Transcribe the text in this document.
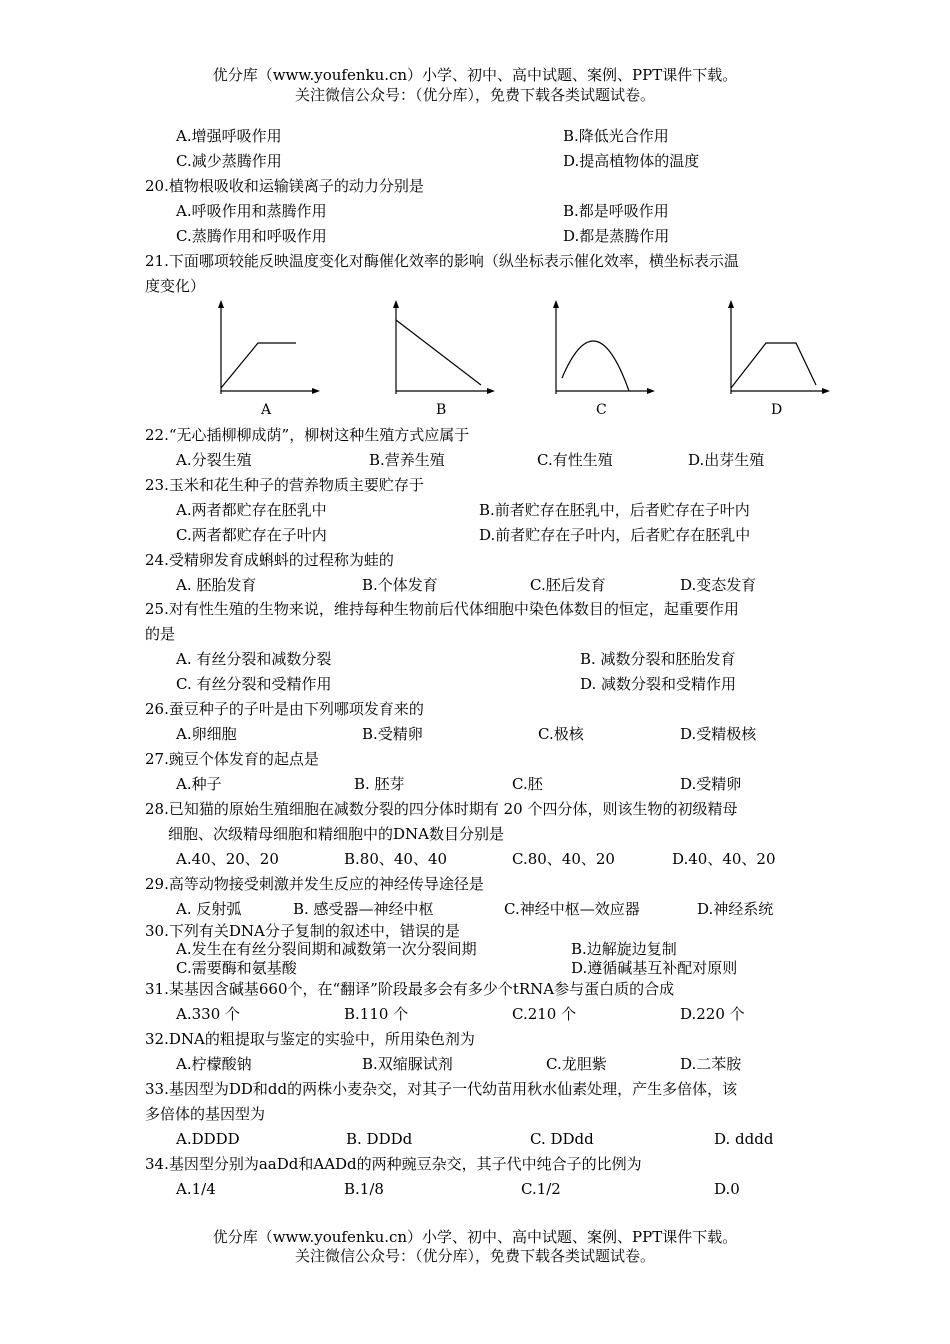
优分库（www.youfenku.cn）小学、初中、高中试题、案例、PPT课件下载。
关注微信公众号：（优分库），免费下载各类试题试卷。
A.增强呼吸作用	B.降低光合作用
C.减少蒸腾作用	D.提高植物体的温度
20.植物根吸收和运输镁离子的动力分别是
A.呼吸作用和蒸腾作用	B.都是呼吸作用
C.蒸腾作用和呼吸作用	D.都是蒸腾作用
21.下面哪项较能反映温度变化对酶催化效率的影响（纵坐标表示催化效率，横坐标表示温
度变化）
A	B	C	D
22.“无心插柳柳成荫”，柳树这种生殖方式应属于
A.分裂生殖	B.营养生殖	C.有性生殖	D.出芽生殖
23.玉米和花生种子的营养物质主要贮存于
A.两者都贮存在胚乳中	B.前者贮存在胚乳中，后者贮存在子叶内
C.两者都贮存在子叶内	D.前者贮存在子叶内，后者贮存在胚乳中
24.受精卵发育成蝌蚪的过程称为蛙的
A. 胚胎发育	B.个体发育	C.胚后发育	D.变态发育
25.对有性生殖的生物来说，维持每种生物前后代体细胞中染色体数目的恒定，起重要作用
的是
A. 有丝分裂和减数分裂	B. 减数分裂和胚胎发育
C. 有丝分裂和受精作用	D. 减数分裂和受精作用
26.蚕豆种子的子叶是由下列哪项发育来的
A.卵细胞	B.受精卵	C.极核	D.受精极核
27.豌豆个体发育的起点是
A.种子	B. 胚芽	C.胚	D.受精卵
28.已知猫的原始生殖细胞在减数分裂的四分体时期有 20 个四分体，则该生物的初级精母
细胞、次级精母细胞和精细胞中的DNA数目分别是
A.40、20、20	B.80、40、40	C.80、40、20	D.40、40、20
29.高等动物接受刺激并发生反应的神经传导途径是
A. 反射弧	B. 感受器—神经中枢	C.神经中枢—效应器	D.神经系统
30.下列有关DNA分子复制的叙述中，错误的是
A.发生在有丝分裂间期和减数第一次分裂间期	B.边解旋边复制
C.需要酶和氨基酸	D.遵循碱基互补配对原则
31.某基因含碱基660个，在“翻译”阶段最多会有多少个tRNA参与蛋白质的合成
A.330 个	B.110 个	C.210 个	D.220 个
32.DNA的粗提取与鉴定的实验中，所用染色剂为
A.柠檬酸钠	B.双缩脲试剂	C.龙胆紫	D.二苯胺
33.基因型为DD和dd的两株小麦杂交，对其子一代幼苗用秋水仙素处理，产生多倍体，该
多倍体的基因型为
A.DDDD	B. DDDd	C. DDdd	D. dddd
34.基因型分别为aaDd和AADd的两种豌豆杂交，其子代中纯合子的比例为
A.1/4	B.1/8	C.1/2	D.0
优分库（www.youfenku.cn）小学、初中、高中试题、案例、PPT课件下载。
关注微信公众号：（优分库），免费下载各类试题试卷。
